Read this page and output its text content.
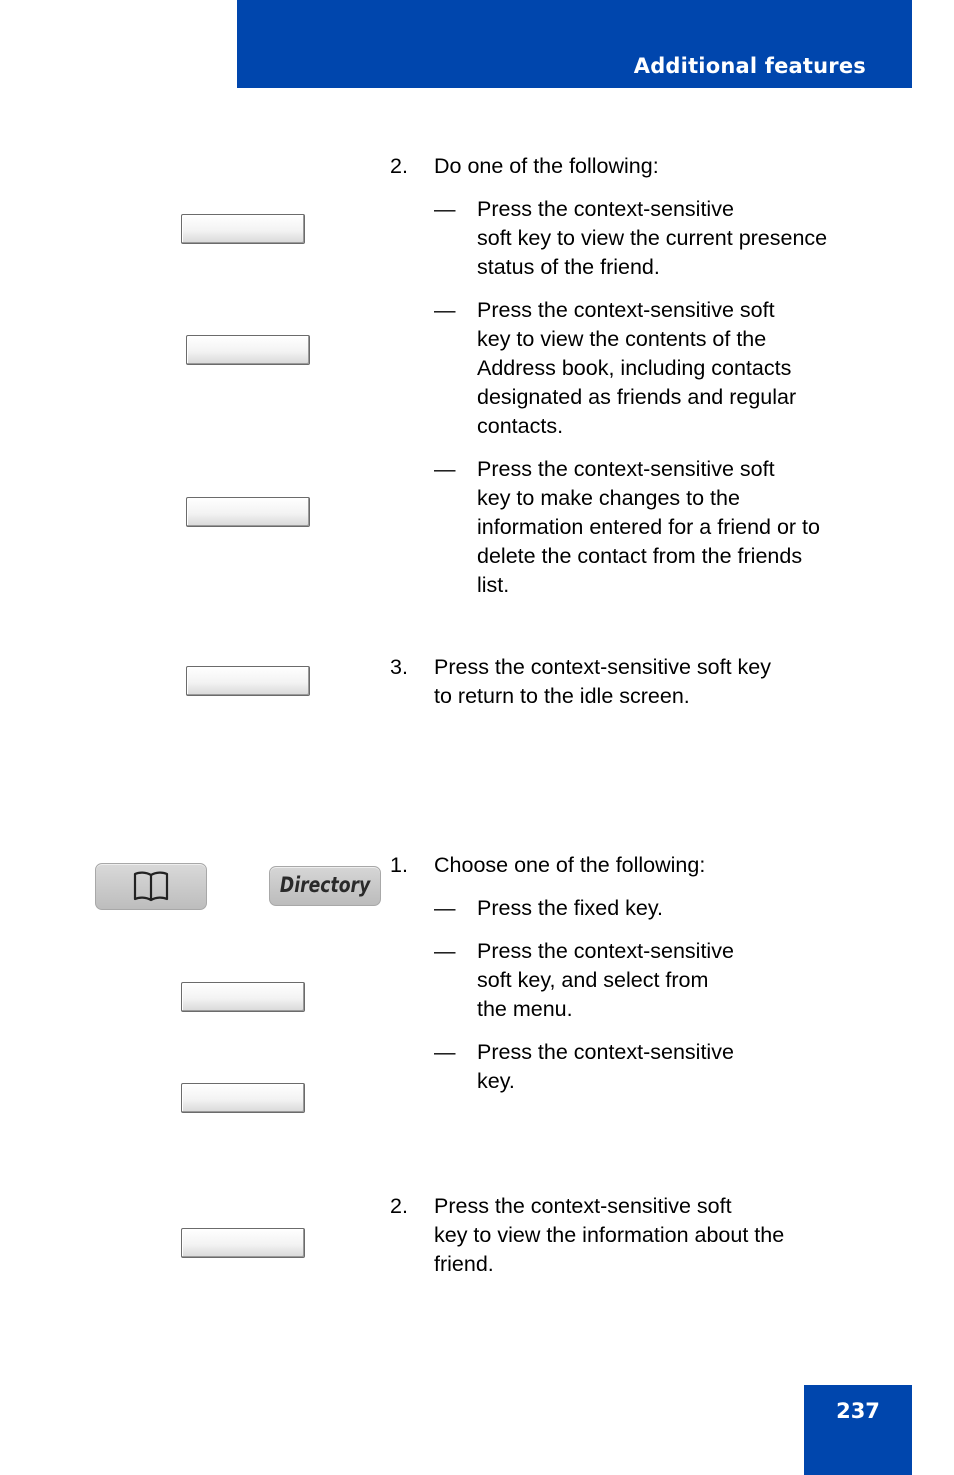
Additional features
2. Do one of the following:
— Press the context-sensitive
soft key to view the current presence
status of the friend.
— Press the context-sensitive soft
key to view the contents of the
Address book, including contacts
designated as friends and regular
contacts.
— Press the context-sensitive soft
key to make changes to the
information entered for a friend or to
delete the contact from the friends
list.
3. Press the context-sensitive soft key
to return to the idle screen.
Directory
1. Choose one of the following:
— Press the fixed key.
— Press the context-sensitive
soft key, and select from
the menu.
— Press the context-sensitive
key.
2. Press the context-sensitive soft
key to view the information about the
friend.
237
